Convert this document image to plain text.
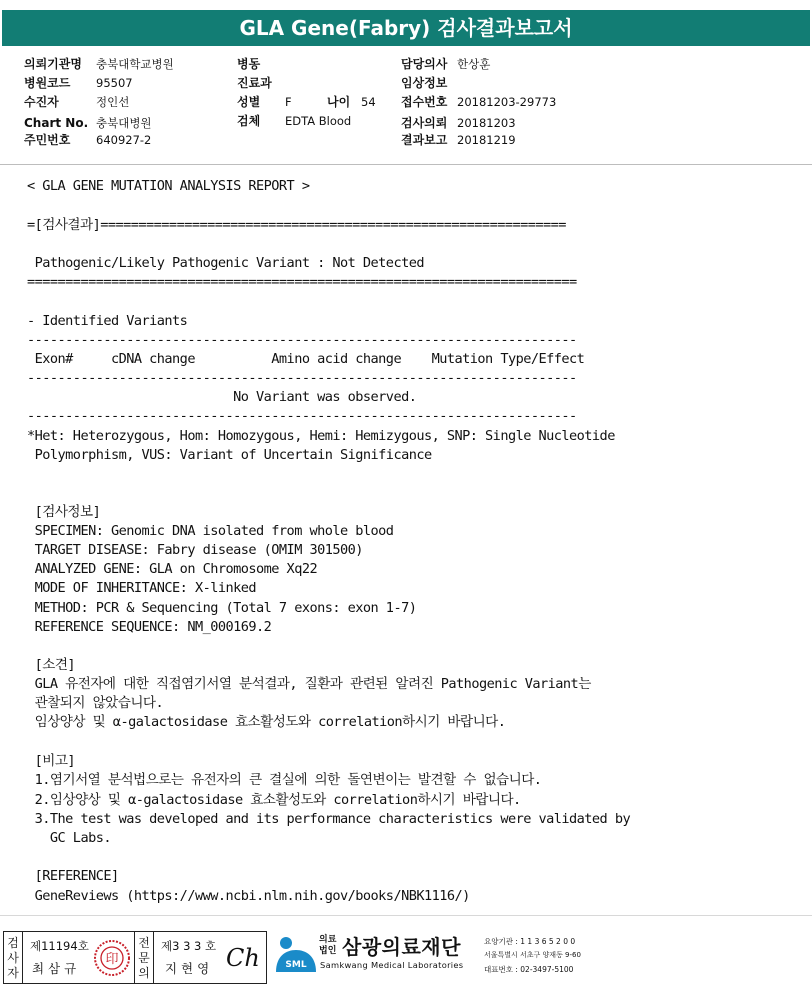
GLA Gene(Fabry) 검사결과보고서
의뢰기관명 충북대학교병원
병원코드 95507
수진자	정인선
Chart No. 충북대병원
주민번호 640927-2
병동
진료과
성별 F	나이 54
검체 EDTA Blood
담당의사 한상훈
임상정보
접수번호 20181203-29773
검사의뢰 20181203
결과보고 20181219
< GLA GENE MUTATION ANALYSIS REPORT >
=[검사결과]=============================================================
Pathogenic/Likely Pathogenic Variant : Not Detected
========================================================================
- Identified Variants
------------------------------------------------------------------------
Exon#     cDNA change          Amino acid change    Mutation Type/Effect
------------------------------------------------------------------------
No Variant was observed.
------------------------------------------------------------------------
*Het: Heterozygous, Hom: Homozygous, Hemi: Hemizygous, SNP: Single Nucleotide
Polymorphism, VUS: Variant of Uncertain Significance
[검사정보]
SPECIMEN: Genomic DNA isolated from whole blood
TARGET DISEASE: Fabry disease (OMIM 301500)
ANALYZED GENE: GLA on Chromosome Xq22
MODE OF INHERITANCE: X-linked
METHOD: PCR & Sequencing (Total 7 exons: exon 1-7)
REFERENCE SEQUENCE: NM_000169.2
[소견]
GLA 유전자에 대한 직접염기서열 분석결과, 질환과 관련된 알려진 Pathogenic Variant는
관찰되지 않았습니다.
임상양상 및 α-galactosidase 효소활성도와 correlation하시기 바랍니다.
[비고]
1.염기서열 분석법으로는 유전자의 큰 결실에 의한 돌연변이는 발견할 수 없습니다.
2.임상양상 및 α-galactosidase 효소활성도와 correlation하시기 바랍니다.
3.The test was developed and its performance characteristics were validated by
GC Labs.
[REFERENCE]
GeneReviews (https://www.ncbi.nlm.nih.gov/books/NBK1116/)
검사자
제11194호
최 삼 규
印
전문의
제3 3 3 호
지 현 영 Ch	SML
의료 법인 삼광의료재단
Samkwang Medical Laboratories
요양기관 : 1 1 3 6 5 2 0 0
서울특별시 서초구 양재동 9-60
대표번호 : 02-3497-5100
